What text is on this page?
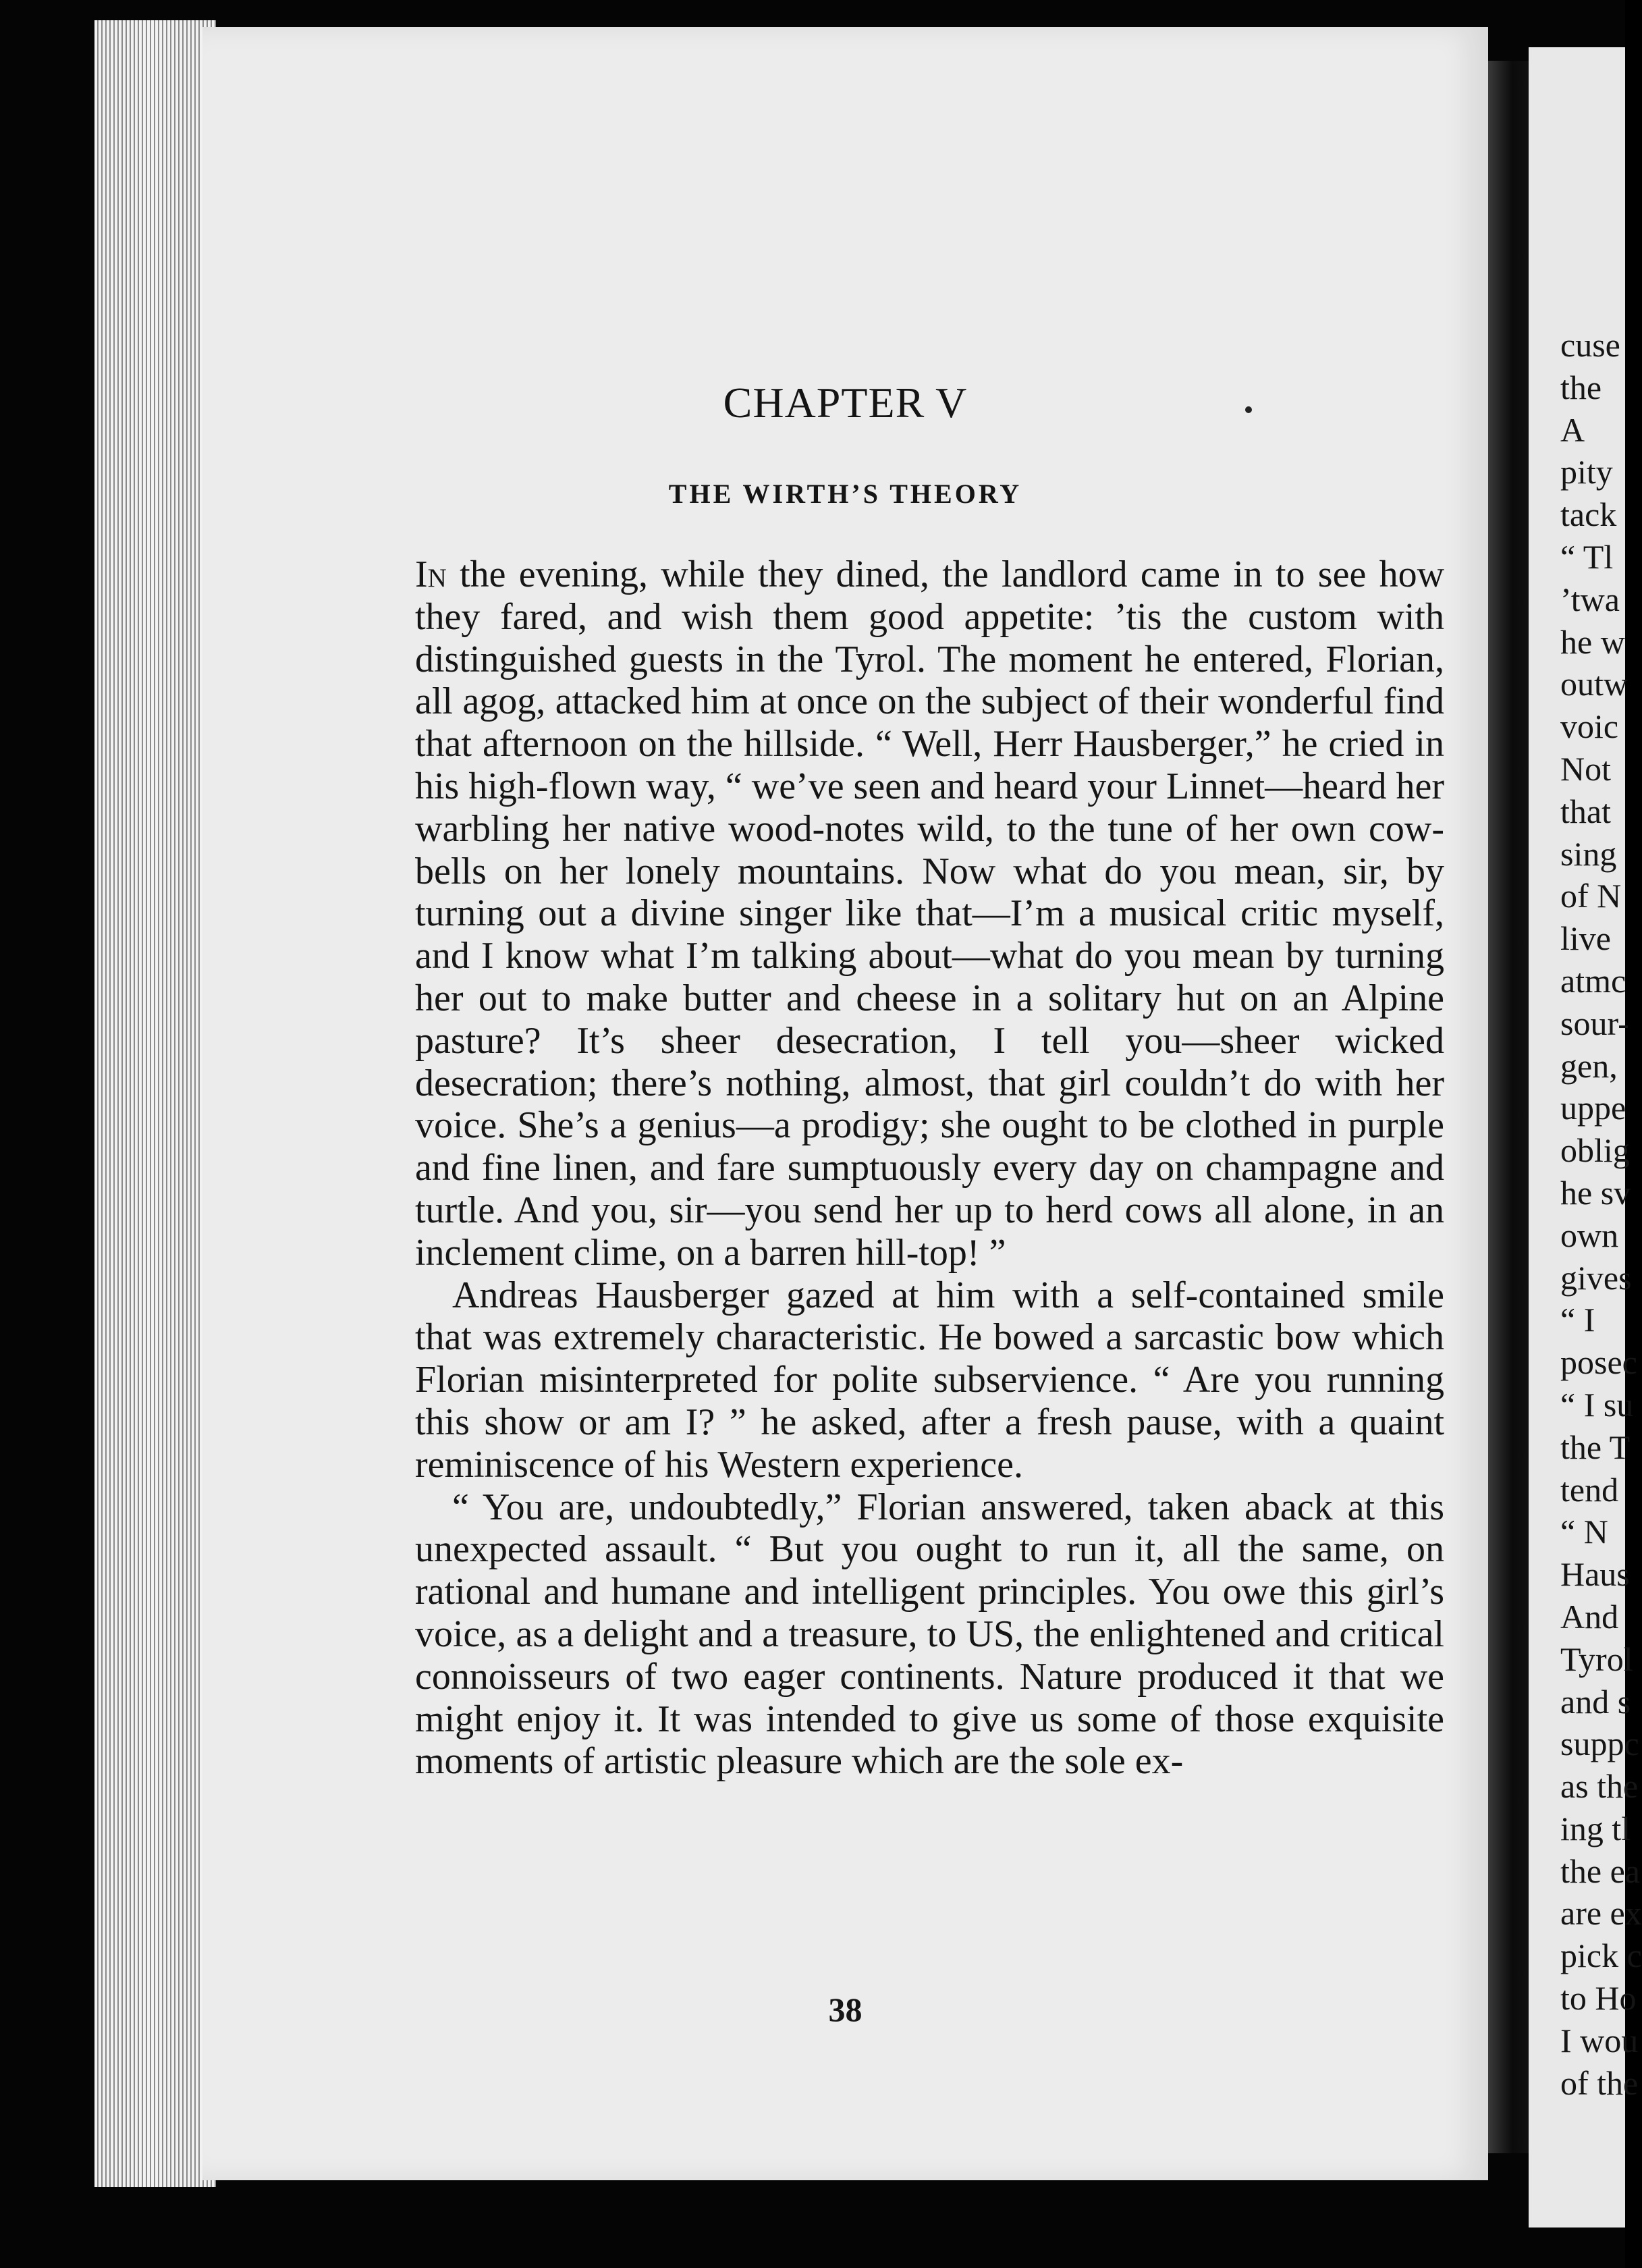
CHAPTER V
THE WIRTH’S THEORY

In the evening, while they dined, the landlord came in to see how they fared, and wish them good appetite: ’tis the custom with distinguished guests in the Tyrol. The moment he entered, Florian, all agog, attacked him at once on the subject of their wonderful find that afternoon on the hillside. “ Well, Herr Hausberger,” he cried in his high-flown way, “ we’ve seen and heard your Linnet—heard her warbling her native wood-notes wild, to the tune of her own cow-bells on her lonely mountains. Now what do you mean, sir, by turning out a divine singer like that—I’m a musical critic myself, and I know what I’m talking about—what do you mean by turning her out to make butter and cheese in a solitary hut on an Alpine pasture? It’s sheer desecration, I tell you—sheer wicked desecration; there’s nothing, almost, that girl couldn’t do with her voice. She’s a genius—a prodigy; she ought to be clothed in purple and fine linen, and fare sumptuously every day on champagne and turtle. And you, sir—you send her up to herd cows all alone, in an inclement clime, on a barren hill-top! ”

Andreas Hausberger gazed at him with a self-contained smile that was extremely characteristic. He bowed a sarcastic bow which Florian misinterpreted for polite subservience. “ Are you running this show or am I? ” he asked, after a fresh pause, with a quaint reminiscence of his Western experience.

“ You are, undoubtedly,” Florian answered, taken aback at this unexpected assault. “ But you ought to run it, all the same, on rational and humane and intelligent principles. You owe this girl’s voice, as a delight and a treasure, to US, the enlightened and critical connoisseurs of two eager continents. Nature produced it that we might enjoy it. It was intended to give us some of those exquisite moments of artistic pleasure which are the sole ex-

38
cuse
the
A
pity
tack
“ Tl
’twa
he w
outw
voic
Not
that
sing
of N
live
atmc
sour-
gen,
uppe
oblig
he sv
own
gives
“ I
posec
“ I su
the T
tend
“ N
Haus
And
Tyrol
and s
suppc
as the
ing tl
the ea
are ex
pick c
to Ho
I wou
of the
